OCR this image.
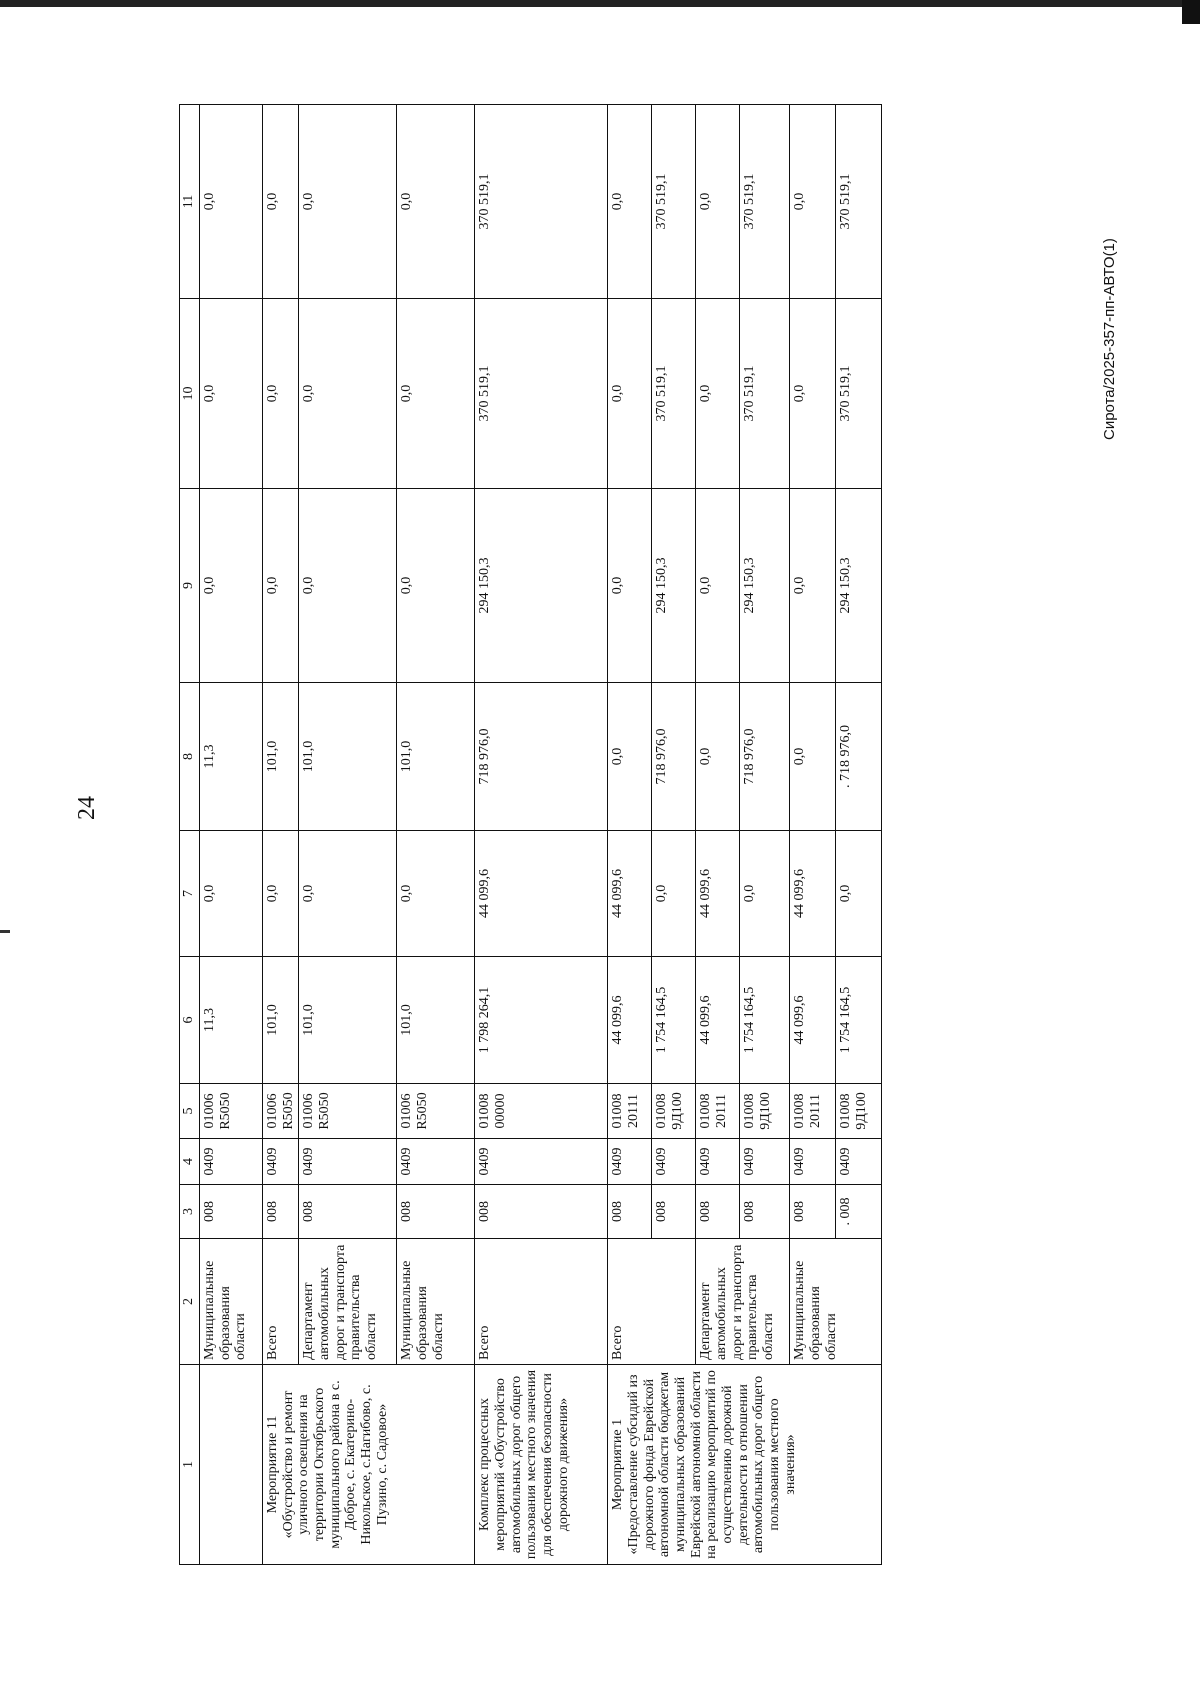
24
Сирота/2025-357-пп-АВТО(1)
1	2	3	4	5	6	7	8	9	10	11
	Муниципальные образования области	008	0409	01006 R5050	11,3	0,0	11,3	0,0	0,0	0,0
Мероприятие 11 «Обустройство и ремонт уличного освещения на территории Октябрьского муниципального района в с. Доброе, с. Екатерино-Никольское, с.Нагибово, с. Пузино, с. Садовое»	Всего	008	0409	01006 R5050	101,0	0,0	101,0	0,0	0,0	0,0
	Департамент автомобильных дорог и транспорта правительства области	008	0409	01006 R5050	101,0	0,0	101,0	0,0	0,0	0,0
	Муниципальные образования области	008	0409	01006 R5050	101,0	0,0	101,0	0,0	0,0	0,0
Комплекс процессных мероприятий «Обустройство автомобильных дорог общего пользования местного значения для обеспечения безопасности дорожного движения»	Всего	008	0409	01008 00000	1 798 264,1	44 099,6	718 976,0	294 150,3	370 519,1	370 519,1
Мероприятие 1 «Предоставление субсидий из дорожного фонда Еврейской автономной области бюджетам муниципальных образований Еврейской автономной области на реализацию мероприятий по осуществлению дорожной деятельности в отношении автомобильных дорог общего пользования местного значения»	Всего	008	0409	01008 20111	44 099,6	44 099,6	0,0	0,0	0,0	0,0
		008	0409	01008 9Д100	1 754 164,5	0,0	718 976,0	294 150,3	370 519,1	370 519,1
	Департамент автомобильных дорог и транспорта правительства области	008	0409	01008 20111	44 099,6	44 099,6	0,0	0,0	0,0	0,0
		008	0409	01008 9Д100	1 754 164,5	0,0	718 976,0	294 150,3	370 519,1	370 519,1
	Муниципальные образования области	008	0409	01008 20111	44 099,6	44 099,6	0,0	0,0	0,0	0,0
		. 008	0409	01008 9Д100	1 754 164,5	0,0	. 718 976,0	294 150,3	370 519,1	370 519,1
